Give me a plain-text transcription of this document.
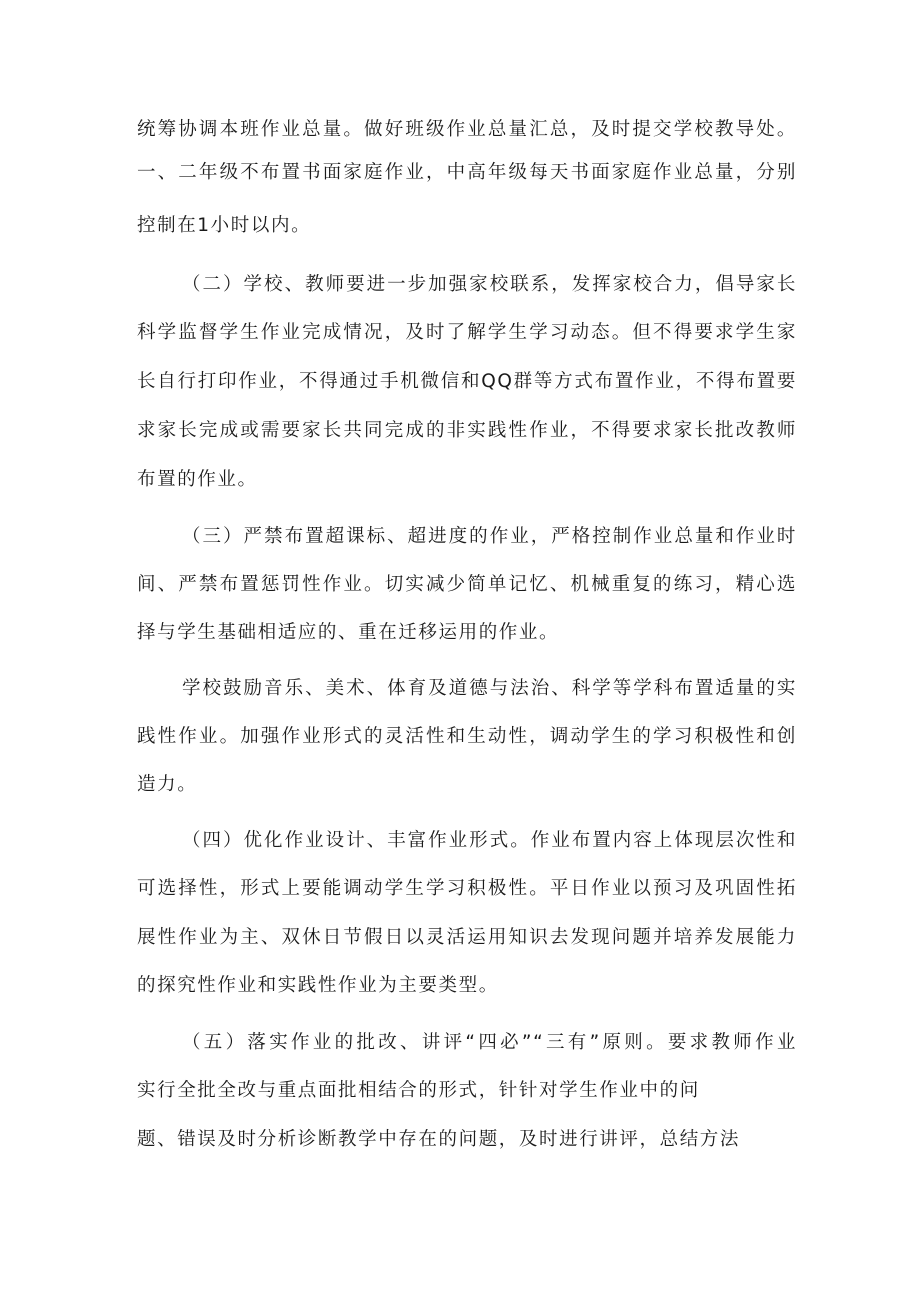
统筹协调本班作业总量。做好班级作业总量汇总，及时提交学校教导处。
一、二年级不布置书面家庭作业，中高年级每天书面家庭作业总量，分别
控制在1小时以内。
（二）学校、教师要进一步加强家校联系，发挥家校合力，倡导家长
科学监督学生作业完成情况，及时了解学生学习动态。但不得要求学生家
长自行打印作业，不得通过手机微信和QQ群等方式布置作业，不得布置要
求家长完成或需要家长共同完成的非实践性作业，不得要求家长批改教师
布置的作业。
（三）严禁布置超课标、超进度的作业，严格控制作业总量和作业时
间、严禁布置惩罚性作业。切实减少简单记忆、机械重复的练习，精心选
择与学生基础相适应的、重在迁移运用的作业。
学校鼓励音乐、美术、体育及道德与法治、科学等学科布置适量的实
践性作业。加强作业形式的灵活性和生动性，调动学生的学习积极性和创
造力。
（四）优化作业设计、丰富作业形式。作业布置内容上体现层次性和
可选择性，形式上要能调动学生学习积极性。平日作业以预习及巩固性拓
展性作业为主、双休日节假日以灵活运用知识去发现问题并培养发展能力
的探究性作业和实践性作业为主要类型。
（五）落实作业的批改、讲评“四必”“三有”原则。要求教师作业
实行全批全改与重点面批相结合的形式，针针对学生作业中的问
题、错误及时分析诊断教学中存在的问题，及时进行讲评，总结方法
